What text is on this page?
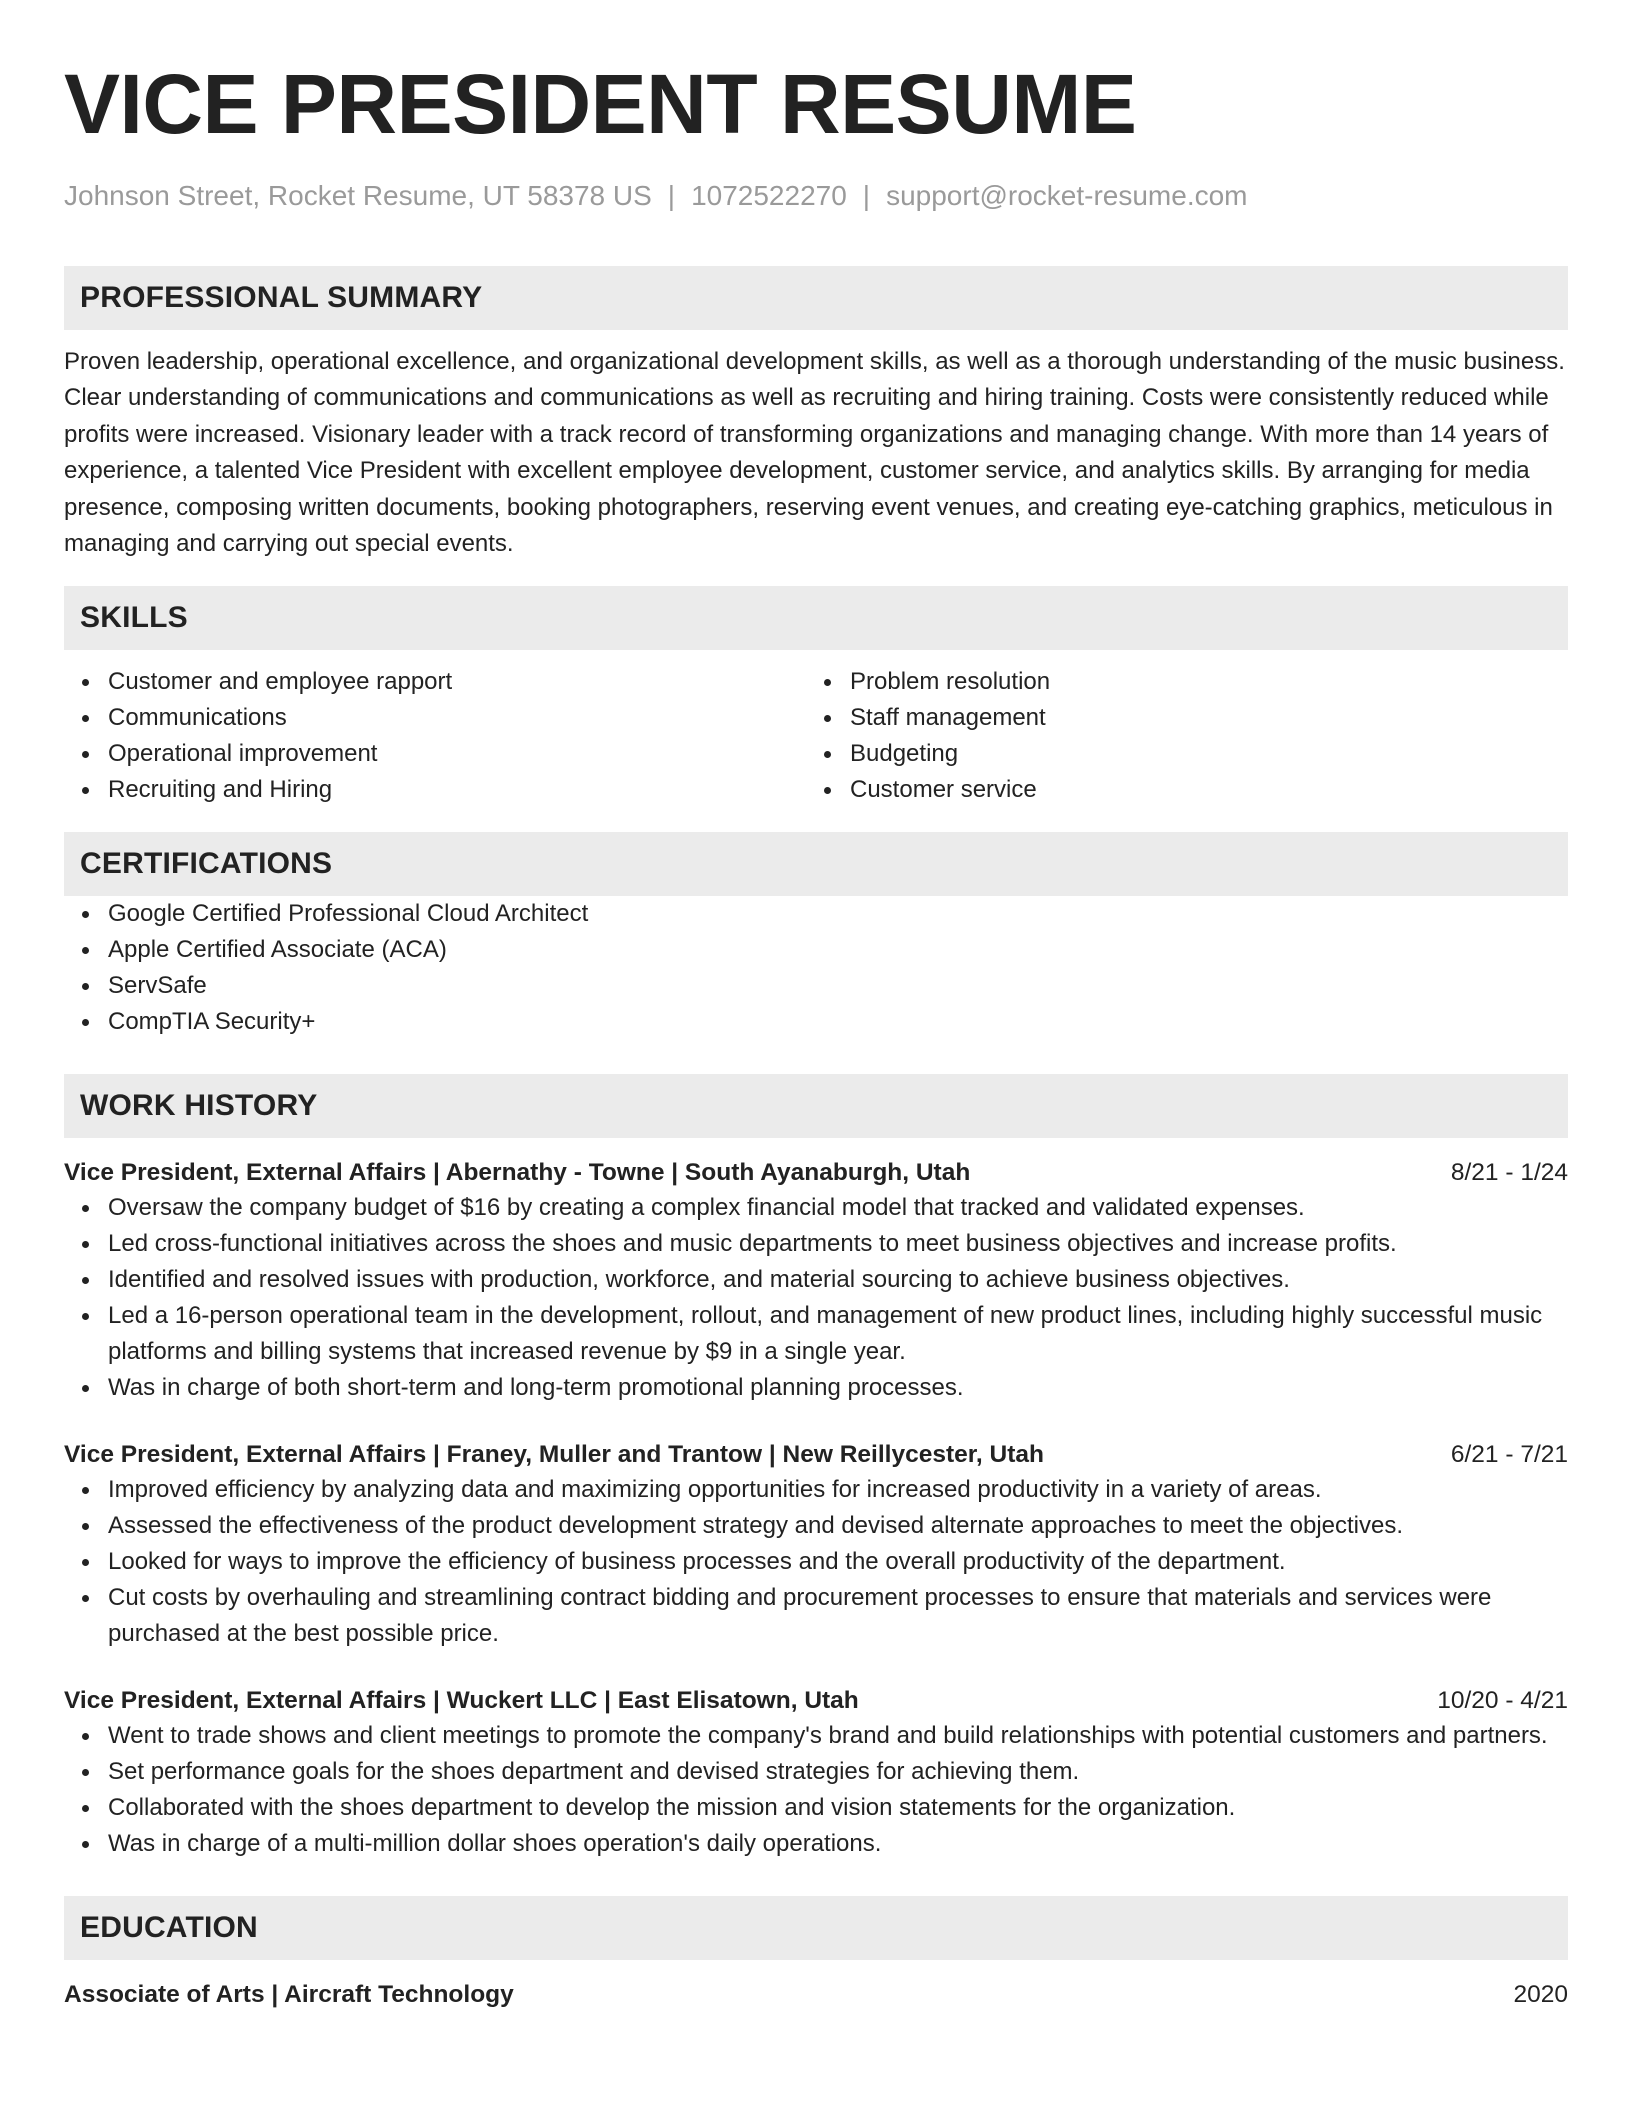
VICE PRESIDENT RESUME
Johnson Street, Rocket Resume, UT 58378 US | 1072522270 | support@rocket-resume.com
PROFESSIONAL SUMMARY
Proven leadership, operational excellence, and organizational development skills, as well as a thorough understanding of the music business. Clear understanding of communications and communications as well as recruiting and hiring training. Costs were consistently reduced while profits were increased. Visionary leader with a track record of transforming organizations and managing change. With more than 14 years of experience, a talented Vice President with excellent employee development, customer service, and analytics skills. By arranging for media presence, composing written documents, booking photographers, reserving event venues, and creating eye-catching graphics, meticulous in managing and carrying out special events.
SKILLS
Customer and employee rapport
Communications
Operational improvement
Recruiting and Hiring
Problem resolution
Staff management
Budgeting
Customer service
CERTIFICATIONS
Google Certified Professional Cloud Architect
Apple Certified Associate (ACA)
ServSafe
CompTIA Security+
WORK HISTORY
Vice President, External Affairs | Abernathy - Towne | South Ayanaburgh, Utah	8/21 - 1/24
Oversaw the company budget of $16 by creating a complex financial model that tracked and validated expenses.
Led cross-functional initiatives across the shoes and music departments to meet business objectives and increase profits.
Identified and resolved issues with production, workforce, and material sourcing to achieve business objectives.
Led a 16-person operational team in the development, rollout, and management of new product lines, including highly successful music platforms and billing systems that increased revenue by $9 in a single year.
Was in charge of both short-term and long-term promotional planning processes.
Vice President, External Affairs | Franey, Muller and Trantow | New Reillycester, Utah	6/21 - 7/21
Improved efficiency by analyzing data and maximizing opportunities for increased productivity in a variety of areas.
Assessed the effectiveness of the product development strategy and devised alternate approaches to meet the objectives.
Looked for ways to improve the efficiency of business processes and the overall productivity of the department.
Cut costs by overhauling and streamlining contract bidding and procurement processes to ensure that materials and services were purchased at the best possible price.
Vice President, External Affairs | Wuckert LLC | East Elisatown, Utah	10/20 - 4/21
Went to trade shows and client meetings to promote the company's brand and build relationships with potential customers and partners.
Set performance goals for the shoes department and devised strategies for achieving them.
Collaborated with the shoes department to develop the mission and vision statements for the organization.
Was in charge of a multi-million dollar shoes operation's daily operations.
EDUCATION
Associate of Arts | Aircraft Technology	2020
